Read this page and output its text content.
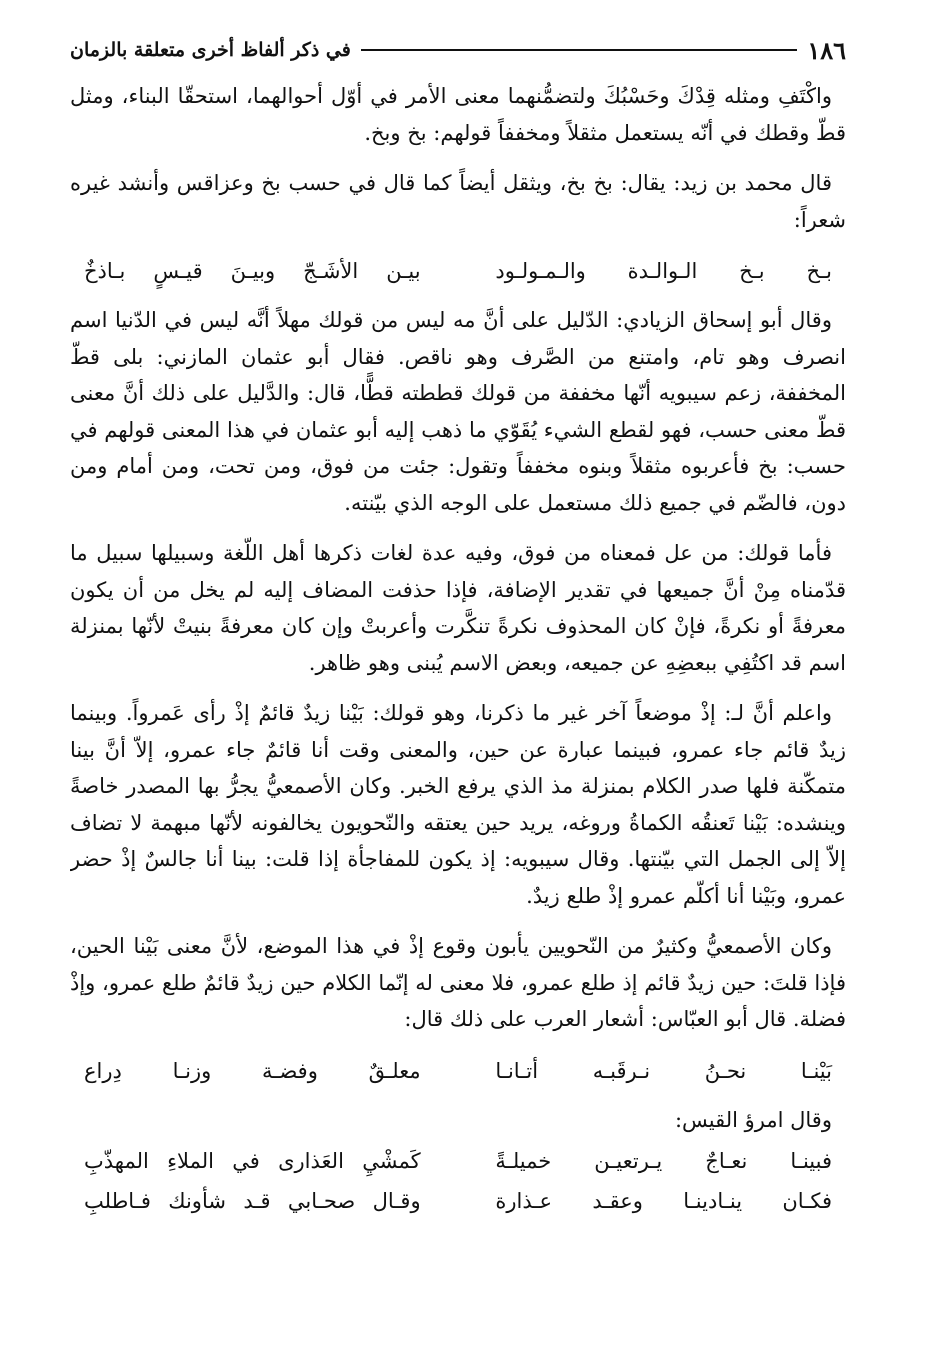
١٨٦
في ذكر ألفاظ أخرى متعلقة بالزمان

واكْتَفِ ومثله قِدْكَ وحَسْبُكَ ولتضمُّنهما معنى الأمر في أوّل أحوالهما، استحقّا البناء، ومثل قطّ وقطك في أنّه يستعمل مثقلاً ومخففاً قولهم: بخ وبخ.

قال محمد بن زيد: يقال: بخ بخ، ويثقل أيضاً كما قال في حسب بخ وعزاقس وأنشد غيره شعراً:

بـخ بـخ الـوالـدة والـمـولـود
بيـن الأشَـجّ وبيـنَ قيـسٍ بـاذخٌ

وقال أبو إسحاق الزيادي: الدّليل على أنَّ مه ليس من قولك مهلاً أنَّه ليس في الدّنيا اسم انصرف وهو تام، وامتنع من الصَّرف وهو ناقص. فقال أبو عثمان المازني: بلى قطّ المخففة، زعم سيبويه أنّها مخففة من قولك قططته قطًّا، قال: والدَّليل على ذلك أنَّ معنى قطّ معنى حسب، فهو لقطع الشيء يُقَوّي ما ذهب إليه أبو عثمان في هذا المعنى قولهم في حسب: بخ فأعربوه مثقلاً وبنوه مخففاً وتقول: جئت من فوق، ومن تحت، ومن أمام ومن دون، فالضّم في جميع ذلك مستعمل على الوجه الذي بيّنته.

فأما قولك: من عل فمعناه من فوق، وفيه عدة لغات ذكرها أهل اللّغة وسبيلها سبيل ما قدّمناه مِنْ أنَّ جميعها في تقدير الإضافة، فإذا حذفت المضاف إليه لم يخل من أن يكون معرفةً أو نكرةً، فإنْ كان المحذوف نكرةً تنكَّرت وأعربتْ وإن كان معرفةً بنيتْ لأنّها بمنزلة اسم قد اكتُفِي ببعضِهِ عن جميعه، وبعض الاسم يُبنى وهو ظاهر.

واعلم أنَّ لـ: إذْ موضعاً آخر غير ما ذكرنا، وهو قولك: بَيْنا زيدٌ قائمٌ إذْ رأى عَمرواً. وبينما زيدٌ قائم جاء عمرو، فبينما عبارة عن حين، والمعنى وقت أنا قائمٌ جاء عمرو، إلاّ أنَّ بينا متمكّنة فلها صدر الكلام بمنزلة مذ الذي يرفع الخبر. وكان الأصمعيُّ يجرُّ بها المصدر خاصةً وينشده: بَيْنا تَعنقُه الكماةُ وروغه، يريد حين يعتقه والنّحويون يخالفونه لأنّها مبهمة لا تضاف إلاّ إلى الجمل التي بيّنتها. وقال سيبويه: إذ يكون للمفاجأة إذا قلت: بينا أنا جالسٌ إذْ حضر عمرو، وبَيْنا أنا أكلّم عمرو إذْ طلع زيدٌ.

وكان الأصمعيُّ وكثيرٌ من النّحويين يأبون وقوع إذْ في هذا الموضع، لأنَّ معنى بَيْنا الحين، فإذا قلتَ: حين زيدٌ قائم إذ طلع عمرو، فلا معنى له إنّما الكلام حين زيدٌ قائمٌ طلع عمرو، وإذْ فضلة. قال أبو العبّاس: أشعار العرب على ذلك قال:

بَيْنـا نحـنُ نـرقَبـه أتـانـا
معلـقٌ وفضـة وزنـا دِراع
وقال امرؤ القيس:
فبينـا نعـاجٌ يـرتعيـن خميلـةً
كَمشْيِ العَذارى في الملاءِ المهذّبِ
فكـان ينـادينـا وعقـد عـذارة
وقـال صحـابي قـد شأونك فـاطلبِ
